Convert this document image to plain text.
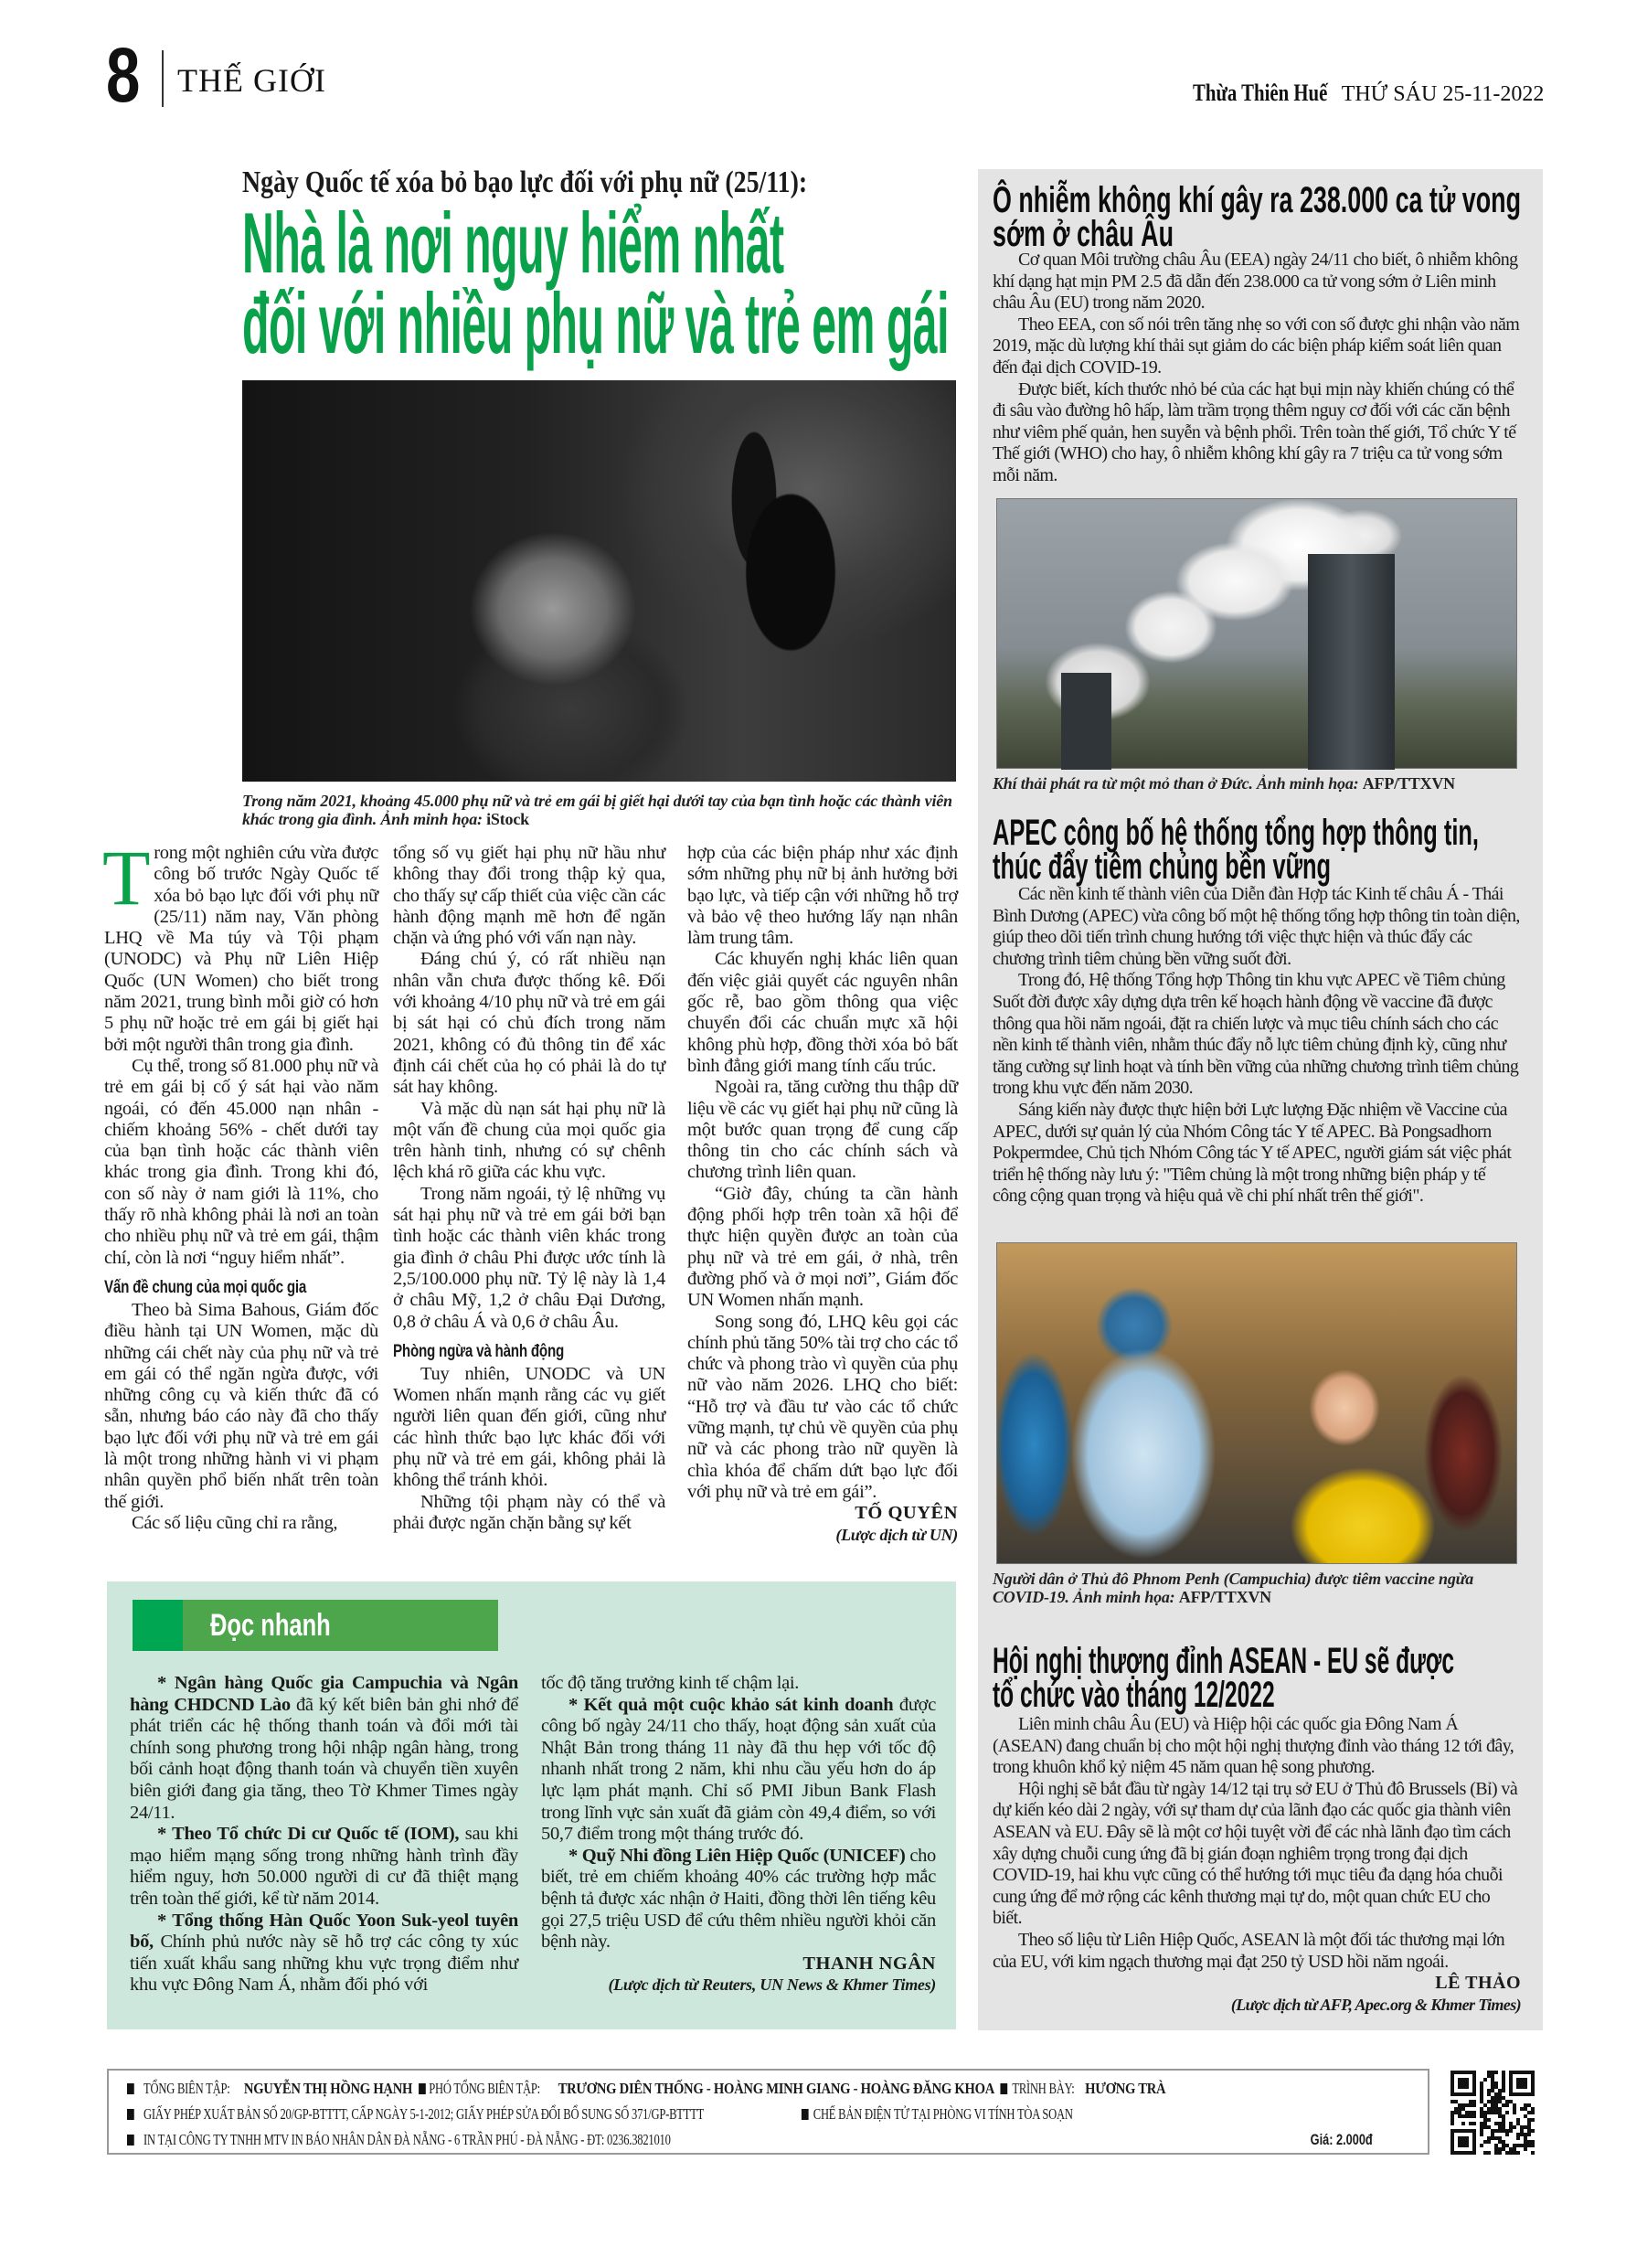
8 THẾ GIỚI	Thừa Thiên Huế THỨ SÁU 25-11-2022
Ngày Quốc tế xóa bỏ bạo lực đối với phụ nữ (25/11):
Nhà là nơi nguy hiểm nhất
đối với nhiều phụ nữ và trẻ em gái
Trong năm 2021, khoảng 45.000 phụ nữ và trẻ em gái bị giết hại dưới tay của bạn tình hoặc các thành viên khác trong gia đình. Ảnh minh họa: iStock

Trong một nghiên cứu vừa được công bố trước Ngày Quốc tế xóa bỏ bạo lực đối với phụ nữ (25/11) năm nay, Văn phòng LHQ về Ma túy và Tội phạm (UNODC) và Phụ nữ Liên Hiệp Quốc (UN Women) cho biết trong năm 2021, trung bình mỗi giờ có hơn 5 phụ nữ hoặc trẻ em gái bị giết hại bởi một người thân trong gia đình.

Cụ thể, trong số 81.000 phụ nữ và trẻ em gái bị cố ý sát hại vào năm ngoái, có đến 45.000 nạn nhân - chiếm khoảng 56% - chết dưới tay của bạn tình hoặc các thành viên khác trong gia đình. Trong khi đó, con số này ở nam giới là 11%, cho thấy rõ nhà không phải là nơi an toàn cho nhiều phụ nữ và trẻ em gái, thậm chí, còn là nơi “nguy hiểm nhất”.

Vấn đề chung của mọi quốc gia

Theo bà Sima Bahous, Giám đốc điều hành tại UN Women, mặc dù những cái chết này của phụ nữ và trẻ em gái có thể ngăn ngừa được, với những công cụ và kiến thức đã có sẵn, nhưng báo cáo này đã cho thấy bạo lực đối với phụ nữ và trẻ em gái là một trong những hành vi vi phạm nhân quyền phổ biến nhất trên toàn thế giới.

Các số liệu cũng chỉ ra rằng,

tổng số vụ giết hại phụ nữ hầu như không thay đổi trong thập kỷ qua, cho thấy sự cấp thiết của việc cần các hành động mạnh mẽ hơn để ngăn chặn và ứng phó với vấn nạn này.

Đáng chú ý, có rất nhiều nạn nhân vẫn chưa được thống kê. Đối với khoảng 4/10 phụ nữ và trẻ em gái bị sát hại có chủ đích trong năm 2021, không có đủ thông tin để xác định cái chết của họ có phải là do tự sát hay không.

Và mặc dù nạn sát hại phụ nữ là một vấn đề chung của mọi quốc gia trên hành tinh, nhưng có sự chênh lệch khá rõ giữa các khu vực.

Trong năm ngoái, tỷ lệ những vụ sát hại phụ nữ và trẻ em gái bởi bạn tình hoặc các thành viên khác trong gia đình ở châu Phi được ước tính là 2,5/100.000 phụ nữ. Tỷ lệ này là 1,4 ở châu Mỹ, 1,2 ở châu Đại Dương, 0,8 ở châu Á và 0,6 ở châu Âu.

Phòng ngừa và hành động

Tuy nhiên, UNODC và UN Women nhấn mạnh rằng các vụ giết người liên quan đến giới, cũng như các hình thức bạo lực khác đối với phụ nữ và trẻ em gái, không phải là không thể tránh khỏi.

Những tội phạm này có thể và phải được ngăn chặn bằng sự kết

hợp của các biện pháp như xác định sớm những phụ nữ bị ảnh hưởng bởi bạo lực, và tiếp cận với những hỗ trợ và bảo vệ theo hướng lấy nạn nhân làm trung tâm.

Các khuyến nghị khác liên quan đến việc giải quyết các nguyên nhân gốc rễ, bao gồm thông qua việc chuyển đổi các chuẩn mực xã hội không phù hợp, đồng thời xóa bỏ bất bình đẳng giới mang tính cấu trúc.

Ngoài ra, tăng cường thu thập dữ liệu về các vụ giết hại phụ nữ cũng là một bước quan trọng để cung cấp thông tin cho các chính sách và chương trình liên quan.

“Giờ đây, chúng ta cần hành động phối hợp trên toàn xã hội để thực hiện quyền được an toàn của phụ nữ và trẻ em gái, ở nhà, trên đường phố và ở mọi nơi”, Giám đốc UN Women nhấn mạnh.

Song song đó, LHQ kêu gọi các chính phủ tăng 50% tài trợ cho các tổ chức và phong trào vì quyền của phụ nữ vào năm 2026. LHQ cho biết: “Hỗ trợ và đầu tư vào các tổ chức vững mạnh, tự chủ về quyền của phụ nữ và các phong trào nữ quyền là chìa khóa để chấm dứt bạo lực đối với phụ nữ và trẻ em gái”.

TỐ QUYÊN

(Lược dịch từ UN)

Đọc nhanh

* Ngân hàng Quốc gia Campuchia và Ngân hàng CHDCND Lào đã ký kết biên bản ghi nhớ để phát triển các hệ thống thanh toán và đổi mới tài chính song phương trong hội nhập ngân hàng, trong bối cảnh hoạt động thanh toán và chuyển tiền xuyên biên giới đang gia tăng, theo Tờ Khmer Times ngày 24/11.

* Theo Tổ chức Di cư Quốc tế (IOM), sau khi mạo hiểm mạng sống trong những hành trình đầy hiểm nguy, hơn 50.000 người di cư đã thiệt mạng trên toàn thế giới, kể từ năm 2014.

* Tổng thống Hàn Quốc Yoon Suk-yeol tuyên bố, Chính phủ nước này sẽ hỗ trợ các công ty xúc tiến xuất khẩu sang những khu vực trọng điểm như khu vực Đông Nam Á, nhằm đối phó với

tốc độ tăng trưởng kinh tế chậm lại.

* Kết quả một cuộc khảo sát kinh doanh được công bố ngày 24/11 cho thấy, hoạt động sản xuất của Nhật Bản trong tháng 11 này đã thu hẹp với tốc độ nhanh nhất trong 2 năm, khi nhu cầu yếu hơn do áp lực lạm phát mạnh. Chỉ số PMI Jibun Bank Flash trong lĩnh vực sản xuất đã giảm còn 49,4 điểm, so với 50,7 điểm trong một tháng trước đó.

* Quỹ Nhi đồng Liên Hiệp Quốc (UNICEF) cho biết, trẻ em chiếm khoảng 40% các trường hợp mắc bệnh tả được xác nhận ở Haiti, đồng thời lên tiếng kêu gọi 27,5 triệu USD để cứu thêm nhiều người khỏi căn bệnh này.

THANH NGÂN

(Lược dịch từ Reuters, UN News & Khmer Times)

Ô nhiễm không khí gây ra 238.000 ca tử vong
sớm ở châu Âu

Cơ quan Môi trường châu Âu (EEA) ngày 24/11 cho biết, ô nhiễm không khí dạng hạt mịn PM 2.5 đã dẫn đến 238.000 ca tử vong sớm ở Liên minh châu Âu (EU) trong năm 2020.

Theo EEA, con số nói trên tăng nhẹ so với con số được ghi nhận vào năm 2019, mặc dù lượng khí thải sụt giảm do các biện pháp kiểm soát liên quan đến đại dịch COVID-19.

Được biết, kích thước nhỏ bé của các hạt bụi mịn này khiến chúng có thể đi sâu vào đường hô hấp, làm trầm trọng thêm nguy cơ đối với các căn bệnh như viêm phế quản, hen suyễn và bệnh phổi. Trên toàn thế giới, Tổ chức Y tế Thế giới (WHO) cho hay, ô nhiễm không khí gây ra 7 triệu ca tử vong sớm mỗi năm.

Khí thải phát ra từ một mỏ than ở Đức. Ảnh minh họa: AFP/TTXVN
APEC công bố hệ thống tổng hợp thông tin,
thúc đẩy tiêm chủng bền vững

Các nền kinh tế thành viên của Diễn đàn Hợp tác Kinh tế châu Á - Thái Bình Dương (APEC) vừa công bố một hệ thống tổng hợp thông tin toàn diện, giúp theo dõi tiến trình chung hướng tới việc thực hiện và thúc đẩy các chương trình tiêm chủng bền vững suốt đời.

Trong đó, Hệ thống Tổng hợp Thông tin khu vực APEC về Tiêm chủng Suốt đời được xây dựng dựa trên kế hoạch hành động về vaccine đã được thông qua hồi năm ngoái, đặt ra chiến lược và mục tiêu chính sách cho các nền kinh tế thành viên, nhằm thúc đẩy nỗ lực tiêm chủng định kỳ, cũng như tăng cường sự linh hoạt và tính bền vững của những chương trình tiêm chủng trong khu vực đến năm 2030.

Sáng kiến này được thực hiện bởi Lực lượng Đặc nhiệm về Vaccine của APEC, dưới sự quản lý của Nhóm Công tác Y tế APEC. Bà Pongsadhorn Pokpermdee, Chủ tịch Nhóm Công tác Y tế APEC, người giám sát việc phát triển hệ thống này lưu ý: "Tiêm chủng là một trong những biện pháp y tế công cộng quan trọng và hiệu quả về chi phí nhất trên thế giới".

Người dân ở Thủ đô Phnom Penh (Campuchia) được tiêm vaccine ngừa COVID-19. Ảnh minh họa: AFP/TTXVN
Hội nghị thượng đỉnh ASEAN - EU sẽ được
tổ chức vào tháng 12/2022

Liên minh châu Âu (EU) và Hiệp hội các quốc gia Đông Nam Á (ASEAN) đang chuẩn bị cho một hội nghị thượng đỉnh vào tháng 12 tới đây, trong khuôn khổ kỷ niệm 45 năm quan hệ song phương.

Hội nghị sẽ bắt đầu từ ngày 14/12 tại trụ sở EU ở Thủ đô Brussels (Bỉ) và dự kiến kéo dài 2 ngày, với sự tham dự của lãnh đạo các quốc gia thành viên ASEAN và EU. Đây sẽ là một cơ hội tuyệt vời để các nhà lãnh đạo tìm cách xây dựng chuỗi cung ứng đã bị gián đoạn nghiêm trọng trong đại dịch COVID-19, hai khu vực cũng có thể hướng tới mục tiêu đa dạng hóa chuỗi cung ứng để mở rộng các kênh thương mại tự do, một quan chức EU cho biết.

Theo số liệu từ Liên Hiệp Quốc, ASEAN là một đối tác thương mại lớn của EU, với kim ngạch thương mại đạt 250 tỷ USD hồi năm ngoái.

LÊ THẢO

(Lược dịch từ AFP, Apec.org & Khmer Times)

TỔNG BIÊN TẬP:NGUYỄN THỊ HỒNG HẠNH PHÓ TỔNG BIÊN TẬP:TRƯƠNG DIÊN THỐNG - HOÀNG MINH GIANG - HOÀNG ĐĂNG KHOA TRÌNH BÀY:HƯƠNG TRÀ
GIẤY PHÉP XUẤT BẢN SỐ 20/GP-BTTTT, CẤP NGÀY 5-1-2012; GIẤY PHÉP SỬA ĐỔI BỔ SUNG SỐ 371/GP-BTTTT	CHẾ BẢN ĐIỆN TỬ TẠI PHÒNG VI TÍNH TÒA SOẠN
IN TẠI CÔNG TY TNHH MTV IN BÁO NHÂN DÂN ĐÀ NẴNG - 6 TRẦN PHÚ - ĐÀ NẴNG - ĐT: 0236.3821010	Giá: 2.000đ
